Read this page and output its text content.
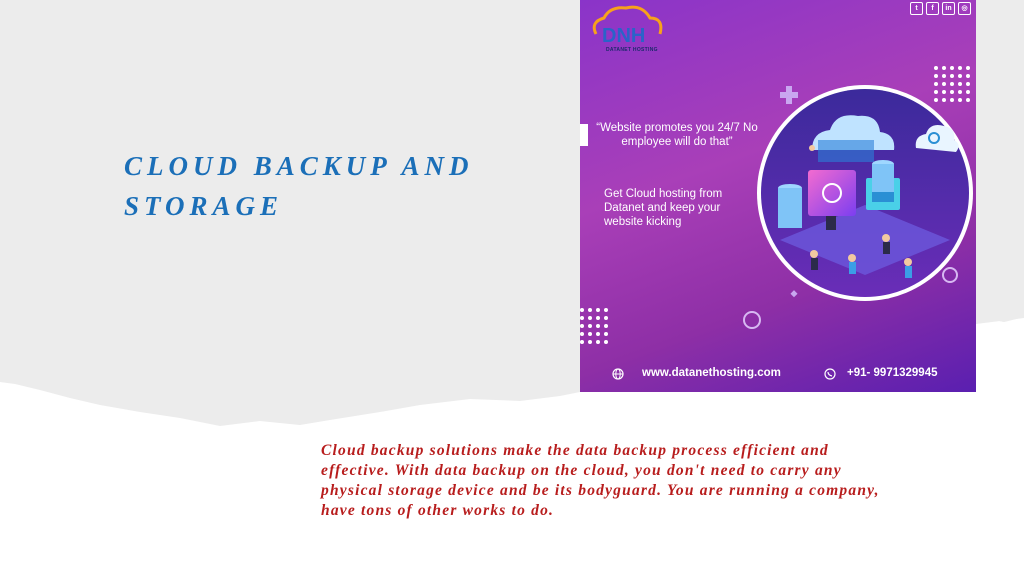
CLOUD BACKUP AND STORAGE

Cloud backup solutions make the data backup process efficient and effective. With data backup on the cloud, you don't need to carry any physical storage device and be its bodyguard. You are running a company, have tons of other works to do.

DNH
DATANET HOSTING
t	f	in	◎

“Website promotes you 24/7 No employee will do that”

Get Cloud hosting from Datanet and keep your website kicking

www.datanethosting.com	+91- 9971329945
